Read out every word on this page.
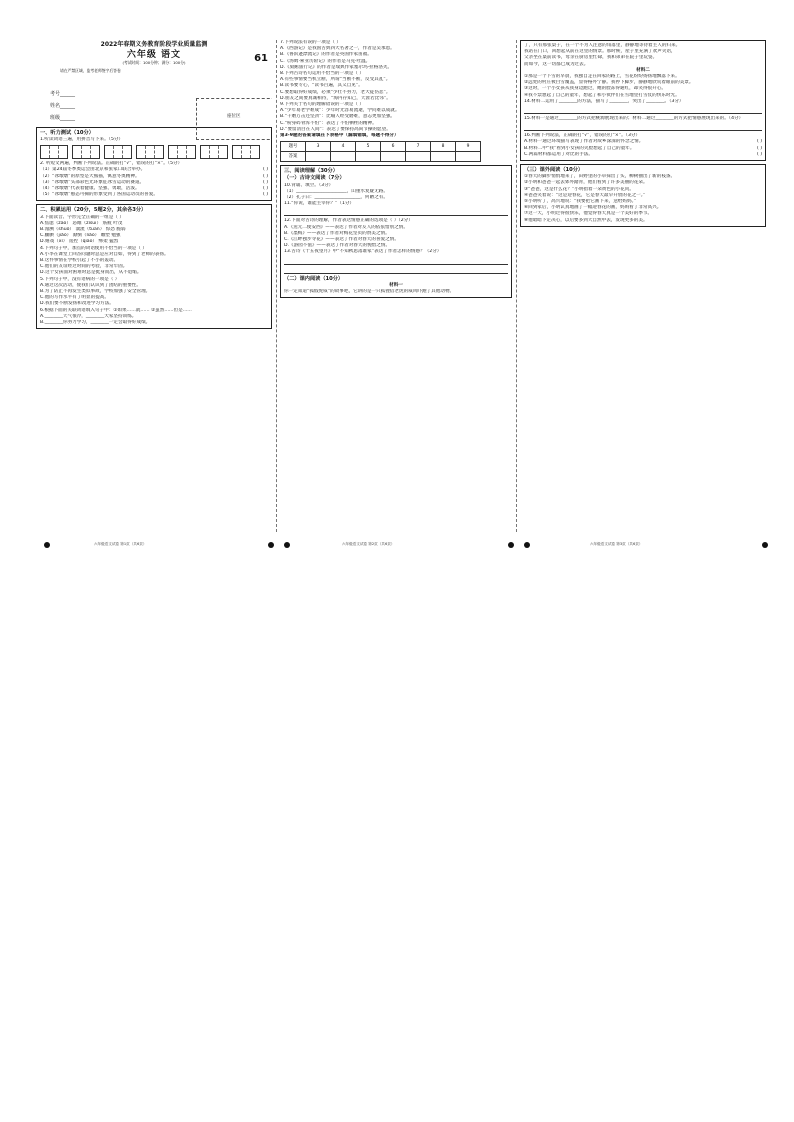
2022年春期义务教育阶段学业质量监测
六年级 语文	61
(考试时间：100分钟；满分：100分)
请在严禁区域，监考老师签字后答卷
考号______
姓名______
班级______	座位区
一、听力测试（10分）
1.听读词语三遍，用拼音写下来。（5分）
2. 听短文两遍，判断下列说法。正确的打“√”，错误的打“×”。（5分）
（1）第24届冬季奥运会由北京和张家口联合举办。	( )
（2）“冰墩墩”的原型是大熊猫，寓意冬奥精神。	( )
（3）“冰墩墩”头部彩色光环象征冰雪运动的赛道。	( )
（4）“冰墩墩”代表着健康、坚强、勇敢，活泼。	( )
（5）“冰墩墩”憨态可掬的形象受到了各国运动员的喜爱。	( )
二、积累运用（20分，5题2分，其余各3分）
3.下面读音、字形完全正确的一组是（ ）
A.焦虑（zāo） 恣睢（zìsuī） 筋疲 叶茂
B.漫溯（shuò） 湍流（tuān） 惊恐 脆弱
C.腼腆（jiǎo） 潦倒（liáo） 雕塑 勉强
D.嬉戏（xì） 遥控（qiāo） 绑架 猛烈
4.下列句子中，加点的词语使用不恰当的一项是（ ）
A.小李在课堂上回答问题时总是应对自如，得到了老师的表扬。
B.这件事情在学校引起了不小的轰动。
C.他们的友谊经过时间的考验，非常牢固。
D.这个女孩面对困难时总是挺身而出，从不退缩。
5.下列句子中，没有语病的一项是（ ）
A.通过这次活动，使我们认识到了团结的重要性。
B.为了防止不再发生类似事故，学校加强了安全管理。
C.他的写作水平有了明显的提高。
D.我们要不断发扬和改进学习方法。
6.根据下面的关联词语填入句子中：①如果……就…… ②虽然……但是……
A.________天气很冷，________大家坚持训练。
B.________你努力学习，________一定会取得好成绩。
7.下列说法有误的一项是（ ）
A.《西游记》是我国古典四大名著之一，作者是吴承恩。
B.《鲁滨逊漂流记》的作者是英国作家笛福。
C.《汤姆·索亚历险记》的作者是马克·吐温。
D.《骑鹅旅行记》的作者是瑞典作家塞尔玛·拉格洛芙。
8.下列古诗名句运用不恰当的一项是（ ）
A.有些事情要当机立断，所谓“当断不断，反受其乱”。
B.读书要专心，“读书百遍，其义自见”。
C.要想取得好成绩，必须“少壮不努力，老大徒伤悲”。
D.朋友之间要真诚相待，“海内存知己，天涯若比邻”。
9.下列关于名句的理解错误的一项是（ ）
A.“少年易老学难成”：少年时光容易流逝，学问难以成就。
B.“千磨万击还坚劲”：比喻人经受磨难，意志更加坚强。
C.“粉身碎骨浑不怕”：表达了不怕牺牲的精神。
D.“要留清白在人间”：表达了要保持高尚节操的愿望。
第3-9题的答案请填在下表格中（漏填错填，每题不得分）
题号	3	4	5	6	7	8	9
答案							
三、阅读理解（30分）
（一）古诗文阅读（7分）
10.背诵、填空。（3分）
（1）______________________，山重水复疑无路。
（2）孔子曰：____________________，何陋之有。
11.“你说，谁能主宰你？”（1分）
12.下面对古诗的理解，作者表达情感正确的选项是（ ）（2分）
A.《送元二使安西》——表达了作者对友人的依依惜别之情。
B.《墨梅》——表达了作者对梅花坚贞的赞美之情。
C.《江畔独步寻花》——表达了作者对春天的喜爱之情。
D.《游园不值》——表达了作者对春天的惋惜之情。
13.古诗《十五夜望月》中“不知秋思落谁家”表达了作者怎样的情感？（2分）
（二）课内阅读（10分）
材料一
你一定知道“狐假虎威”的故事吧，它讲的是一只狐狸借老虎的威风吓跑了其他动物。
了，只有那张桌子，在一个不为人注意的角落里，静静地等待着主人的归来。
我站在门口，回想起从前在这里的情景。那时候，屋子里充满了欢声笑语，
父亲坐在桌前读书，母亲在厨房里忙碌，我和弟弟在院子里玩耍。
而如今，这一切都已成为过去。
材料二
①那是一个下雪的早晨，我独自走在回家的路上，雪花纷纷扬扬地飘落下来。
②远处的村庄被白雪覆盖，显得格外宁静。我停下脚步，静静地欣赏着眼前的美景。
③这时，一个小女孩从我身边跑过，她的脸冻得通红，却笑得很开心。
④我不禁想起了自己的童年，想起了和小伙伴们在雪地里打雪仗的快乐时光。
14.材料二运用了________的方法，描写了________，突出了________。（3分）
15.材料一是通过________的方式把桃源展现出来的；材料二通过________的方式把情感展现出来的。（4分）
16.判断下列说法，正确的打“√”，错误的打“×”。（3分）
A.材料一通过环境描写表现了作者对故乡深深的怀念之情。	( )
B.材料二中“我”看到小女孩的笑脸想起了自己的童年。	( )
C.两篇材料都运用了对比的手法。	( )
（三）课外阅读（10分）
①春天的脚步悄悄地来了，田野里的小草探出了头，柳树抽出了新的枝条。
②小明和爸爸一起去郊外踏青，他们看到了许多美丽的花朵。
③“爸爸，这是什么花？”小明指着一朵黄色的小花问。
④爸爸笑着说：“这是迎春花，它是春天最早开放的花之一。”
⑤小明听了，高兴地说：“我要把它画下来，送给妈妈。”
⑥回到家后，小明认真地画了一幅迎春花的画，妈妈看了非常高兴。
⑦这一天，小明过得很快乐，他觉得春天真是一个美好的季节。
⑧他暗暗下定决心，以后要多到大自然中去，发现更多的美。
六年级语文试卷 第1页（共6页）	六年级语文试卷 第2页（共6页）	六年级语文试卷 第3页（共6页）
